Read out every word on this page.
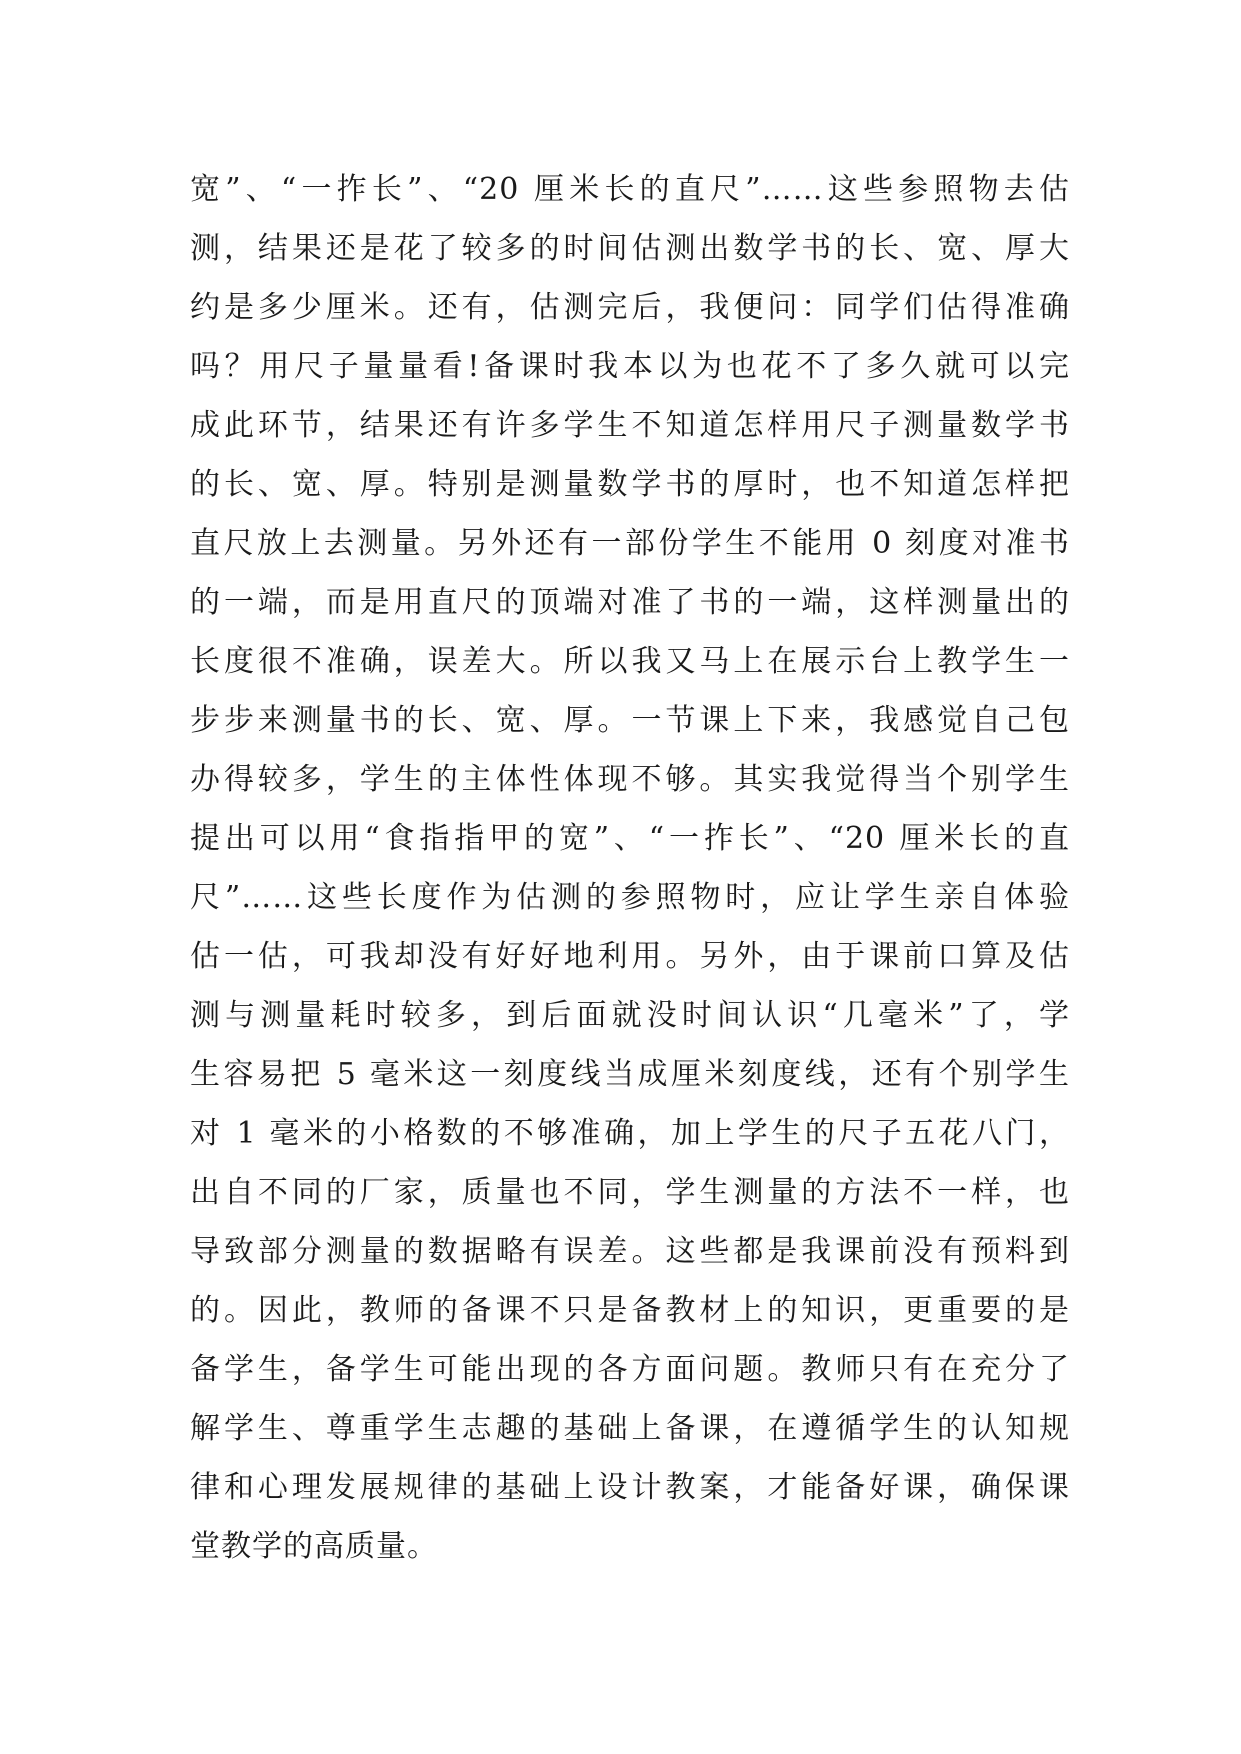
宽”、“一拃长”、“20 厘米长的直尺”……这些参照物去估
测，结果还是花了较多的时间估测出数学书的长、宽、厚大
约是多少厘米。还有，估测完后，我便问：同学们估得准确
吗？用尺子量量看!备课时我本以为也花不了多久就可以完
成此环节，结果还有许多学生不知道怎样用尺子测量数学书
的长、宽、厚。特别是测量数学书的厚时，也不知道怎样把
直尺放上去测量。另外还有一部份学生不能用 0 刻度对准书
的一端，而是用直尺的顶端对准了书的一端，这样测量出的
长度很不准确，误差大。所以我又马上在展示台上教学生一
步步来测量书的长、宽、厚。一节课上下来，我感觉自己包
办得较多，学生的主体性体现不够。其实我觉得当个别学生
提出可以用“食指指甲的宽”、“一拃长”、“20 厘米长的直
尺”……这些长度作为估测的参照物时，应让学生亲自体验
估一估，可我却没有好好地利用。另外，由于课前口算及估
测与测量耗时较多，到后面就没时间认识“几毫米”了，学
生容易把 5 毫米这一刻度线当成厘米刻度线，还有个别学生
对 1 毫米的小格数的不够准确，加上学生的尺子五花八门，
出自不同的厂家，质量也不同，学生测量的方法不一样，也
导致部分测量的数据略有误差。这些都是我课前没有预料到
的。因此，教师的备课不只是备教材上的知识，更重要的是
备学生，备学生可能出现的各方面问题。教师只有在充分了
解学生、尊重学生志趣的基础上备课，在遵循学生的认知规
律和心理发展规律的基础上设计教案，才能备好课，确保课
堂教学的高质量。
